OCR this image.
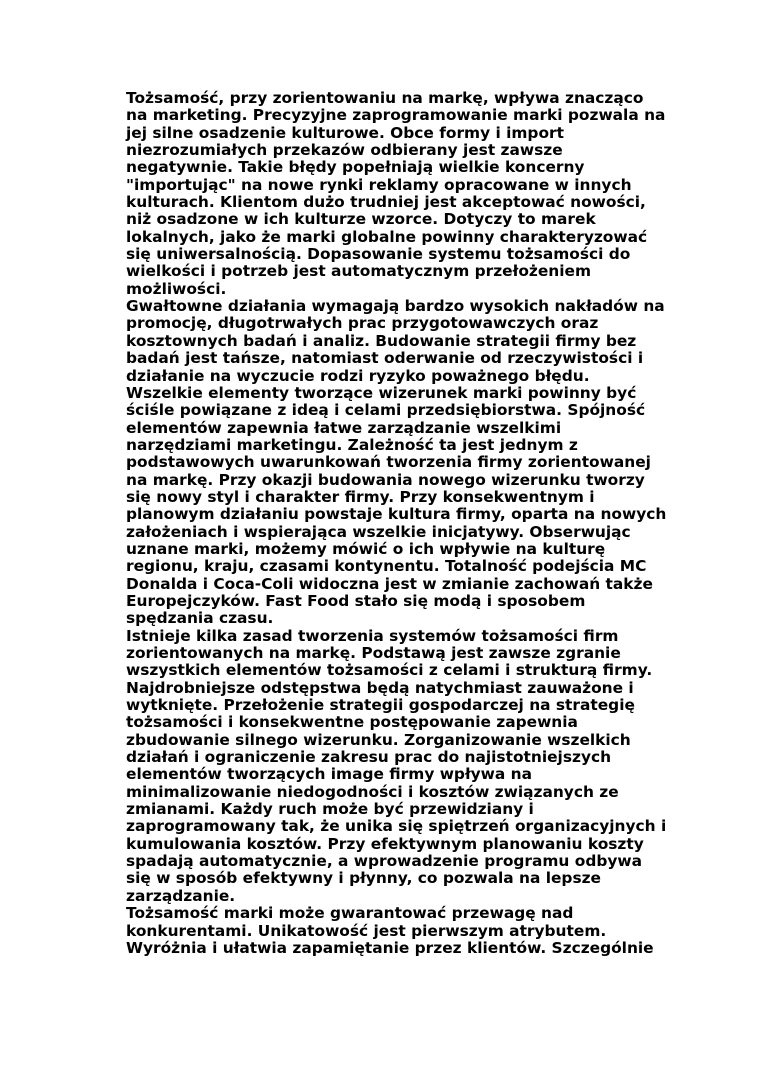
Tożsamość, przy zorientowaniu na markę, wpływa znacząco
na marketing. Precyzyjne zaprogramowanie marki pozwala na
jej silne osadzenie kulturowe. Obce formy i import
niezrozumiałych przekazów odbierany jest zawsze
negatywnie. Takie błędy popełniają wielkie koncerny
"importując" na nowe rynki reklamy opracowane w innych
kulturach. Klientom dużo trudniej jest akceptować nowości,
niż osadzone w ich kulturze wzorce. Dotyczy to marek
lokalnych, jako że marki globalne powinny charakteryzować
się uniwersalnością. Dopasowanie systemu tożsamości do
wielkości i potrzeb jest automatycznym przełożeniem
możliwości.
Gwałtowne działania wymagają bardzo wysokich nakładów na
promocję, długotrwałych prac przygotowawczych oraz
kosztownych badań i analiz. Budowanie strategii firmy bez
badań jest tańsze, natomiast oderwanie od rzeczywistości i
działanie na wyczucie rodzi ryzyko poważnego błędu.
Wszelkie elementy tworzące wizerunek marki powinny być
ściśle powiązane z ideą i celami przedsiębiorstwa. Spójność
elementów zapewnia łatwe zarządzanie wszelkimi
narzędziami marketingu. Zależność ta jest jednym z
podstawowych uwarunkowań tworzenia firmy zorientowanej
na markę. Przy okazji budowania nowego wizerunku tworzy
się nowy styl i charakter firmy. Przy konsekwentnym i
planowym działaniu powstaje kultura firmy, oparta na nowych
założeniach i wspierająca wszelkie inicjatywy. Obserwując
uznane marki, możemy mówić o ich wpływie na kulturę
regionu, kraju, czasami kontynentu. Totalność podejścia MC
Donalda i Coca-Coli widoczna jest w zmianie zachowań także
Europejczyków. Fast Food stało się modą i sposobem
spędzania czasu.
Istnieje kilka zasad tworzenia systemów tożsamości firm
zorientowanych na markę. Podstawą jest zawsze zgranie
wszystkich elementów tożsamości z celami i strukturą firmy.
Najdrobniejsze odstępstwa będą natychmiast zauważone i
wytknięte. Przełożenie strategii gospodarczej na strategię
tożsamości i konsekwentne postępowanie zapewnia
zbudowanie silnego wizerunku. Zorganizowanie wszelkich
działań i ograniczenie zakresu prac do najistotniejszych
elementów tworzących image firmy wpływa na
minimalizowanie niedogodności i kosztów związanych ze
zmianami. Każdy ruch może być przewidziany i
zaprogramowany tak, że unika się spiętrzeń organizacyjnych i
kumulowania kosztów. Przy efektywnym planowaniu koszty
spadają automatycznie, a wprowadzenie programu odbywa
się w sposób efektywny i płynny, co pozwala na lepsze
zarządzanie.
Tożsamość marki może gwarantować przewagę nad
konkurentami. Unikatowość jest pierwszym atrybutem.
Wyróżnia i ułatwia zapamiętanie przez klientów. Szczególnie
